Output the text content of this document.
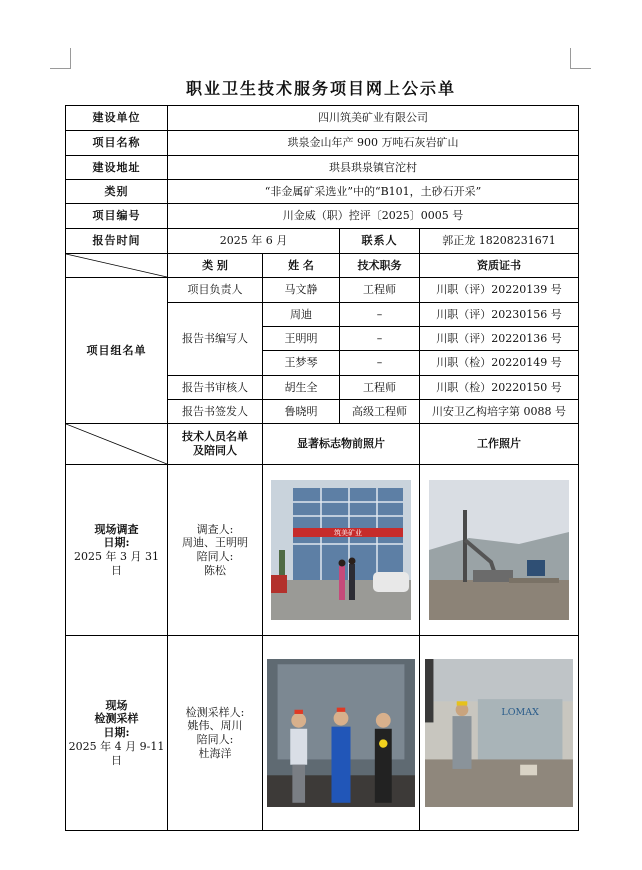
职业卫生技术服务项目网上公示单
建设单位	四川筑美矿业有限公司			
项目名称	珙泉金山年产 900 万吨石灰岩矿山			
建设地址	珙县珙泉镇官沱村			
类别	“非金属矿采选业”中的“B101，土砂石开采”			
项目编号	川金威（职）控评〔2025〕0005 号			
报告时间	2025 年 6 月		联系人	郭正龙 18208231671

	类 别	姓 名	技术职务	资质证书
项目组名单	项目负责人	马文静	工程师	川职（评）20220139 号
	报告书编写人	周迪	–	川职（评）20230156 号
		王明明	–	川职（评）20220136 号
		王梦琴	–	川职（检）20220149 号
	报告书审核人	胡生全	工程师	川职（检）20220150 号
	报告书签发人	鲁晓明	高级工程师	川安卫乙构培字第 0088 号

技术人员名单
及陪同人	显著标志物前照片		工作照片

现场调查
日期:
2025 年 3 月 31
日	调查人:
周迪、王明明
陪同人:
陈松	筑美矿业

现场
检测采样
日期:
2025 年 4 月 9-11
日	检测采样人:
姚伟、周川
陪同人:
杜海洋			LOMAX
